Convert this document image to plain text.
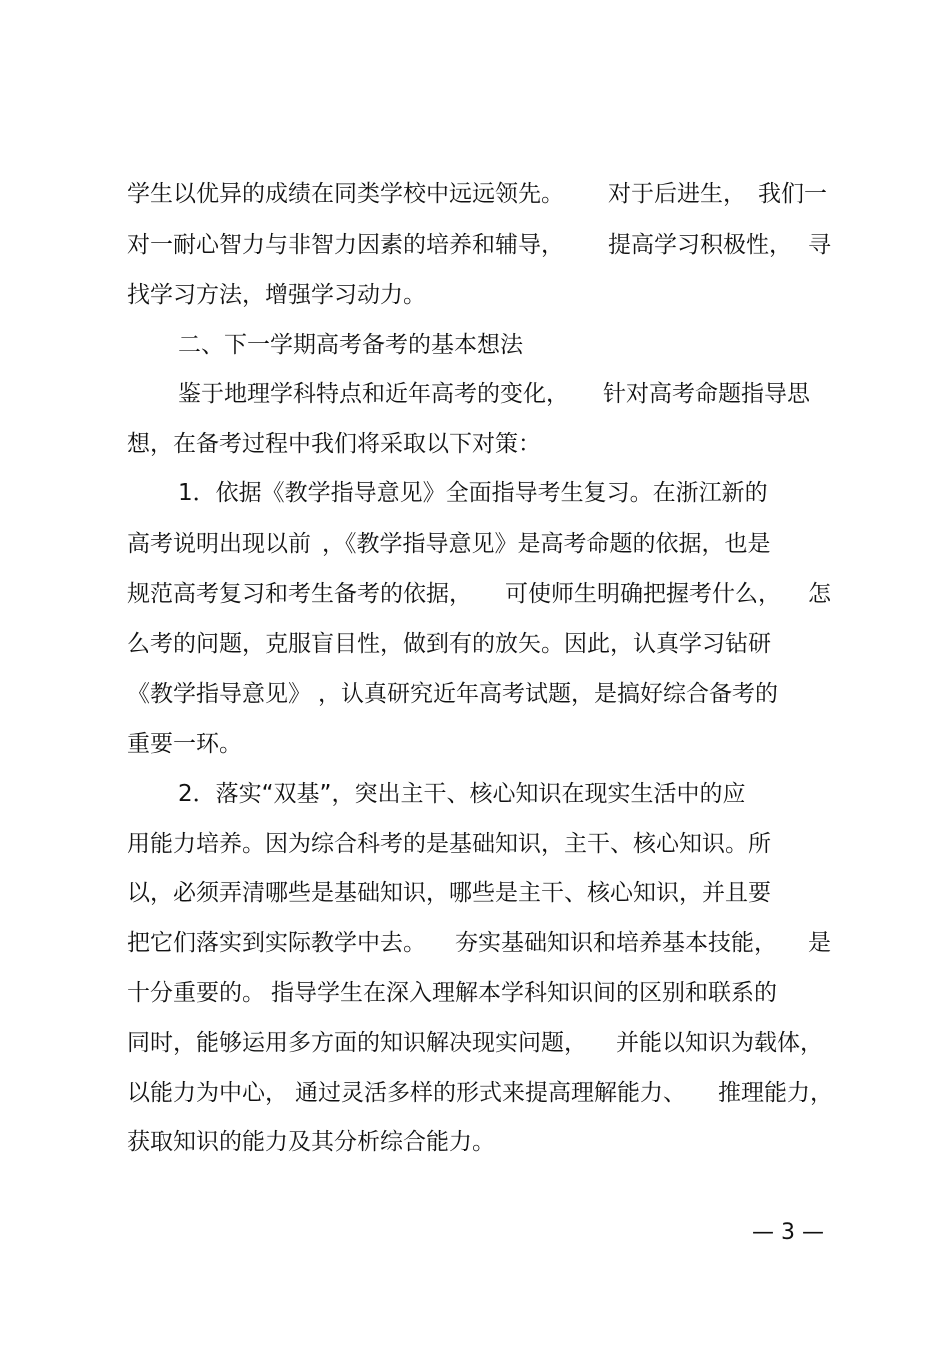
学生以优异的成绩在同类学校中远远领先。 对于后进生， 我们一
对一耐心智力与非智力因素的培养和辅导， 提高学习积极性， 寻
找学习方法，增强学习动力。
二、下一学期高考备考的基本想法
鉴于地理学科特点和近年高考的变化， 针对高考命题指导思
想，在备考过程中我们将采取以下对策：
1．依据《教学指导意见》全面指导考生复习。在浙江新的
高考说明出现以前 ，《教学指导意见》是高考命题的依据，也是
规范高考复习和考生备考的依据， 可使师生明确把握考什么， 怎
么考的问题，克服盲目性，做到有的放矢。因此，认真学习钻研
《教学指导意见》 ，认真研究近年高考试题，是搞好综合备考的
重要一环。
2．落实“双基”，突出主干、核心知识在现实生活中的应
用能力培养。因为综合科考的是基础知识，主干、核心知识。所
以，必须弄清哪些是基础知识，哪些是主干、核心知识，并且要
把它们落实到实际教学中去。 夯实基础知识和培养基本技能， 是
十分重要的。 指导学生在深入理解本学科知识间的区别和联系的
同时，能够运用多方面的知识解决现实问题， 并能以知识为载体，
以能力为中心， 通过灵活多样的形式来提高理解能力、 推理能力，
获取知识的能力及其分析综合能力。
— 3 —
